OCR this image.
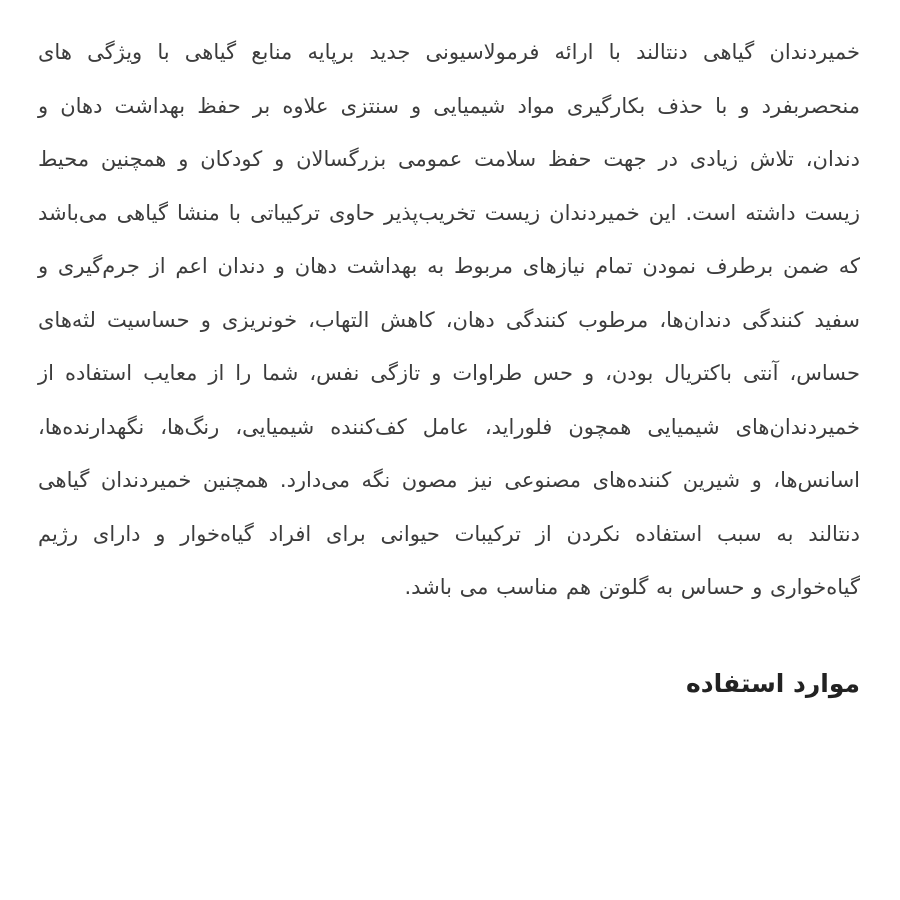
خمیردندان گیاهی دنتالند با ارائه فرمولاسیونی جدید برپایه منابع گیاهی با ویژگی های منحصربفرد و با حذف بکارگیری مواد شیمیایی و سنتزی علاوه بر حفظ بهداشت دهان و دندان، تلاش زیادی در جهت حفظ سلامت عمومی بزرگسالان و کودکان و همچنین محیط زیست داشته است. این خمیردندان زیست تخریب‌پذیر حاوی ترکیباتی با منشا گیاهی می‌باشد که ضمن برطرف نمودن تمام نیازهای مربوط به بهداشت دهان و دندان اعم از جرم‌گیری و سفید کنندگی دندان‌ها، مرطوب کنندگی دهان، کاهش التهاب، خونریزی و حساسیت لثه‌های حساس، آنتی باکتریال بودن، و حس طراوات و تازگی نفس، شما را از معایب استفاده از خمیردندان‌های شیمیایی همچون فلوراید، عامل کف‌کننده شیمیایی، رنگ‌ها، نگهدارنده‌ها، اسانس‌ها، و شیرین کننده‌های مصنوعی نیز مصون نگه می‌دارد. همچنین خمیردندان گیاهی دنتالند به سبب استفاده نکردن از ترکیبات حیوانی برای افراد گیاه‌خوار و دارای رژیم گیاه‌خواری و حساس به گلوتن هم مناسب می باشد.

موارد استفاده
